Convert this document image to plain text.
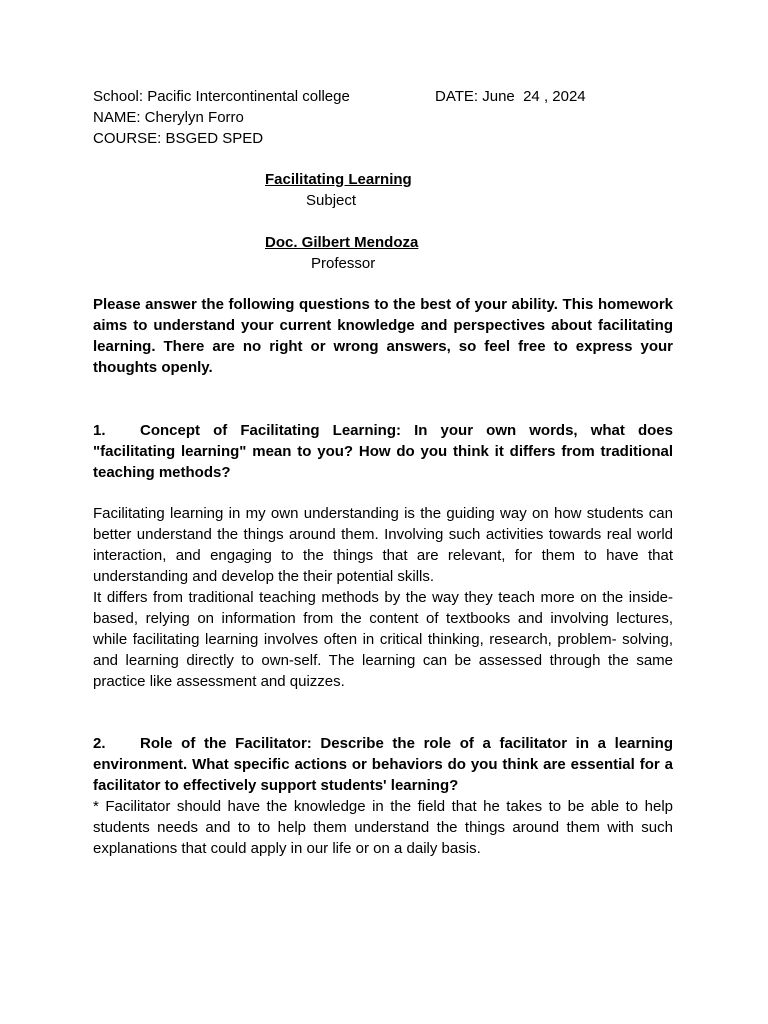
School: Pacific Intercontinental college	DATE: June  24 , 2024
NAME: Cherylyn Forro
COURSE: BSGED SPED
Facilitating Learning
Subject
Doc. Gilbert Mendoza
Professor

Please answer the following questions to the best of your ability. This homework aims to understand your current knowledge and perspectives about facilitating learning. There are no right or wrong answers, so feel free to express your thoughts openly.

1. Concept of Facilitating Learning: In your own words, what does "facilitating learning" mean to you? How do you think it differs from traditional teaching methods?

Facilitating learning in my own understanding is the guiding way on how students can better understand the things around them. Involving such activities towards real world interaction, and engaging to the things that are relevant, for them to have that understanding and develop the their potential skills.

It differs from traditional teaching methods by the way they teach more on the inside- based, relying on information from the content of textbooks and involving lectures, while facilitating learning involves often in critical thinking, research, problem- solving, and learning directly to own-self. The learning can be assessed through the same practice like assessment and quizzes.

2. Role of the Facilitator: Describe the role of a facilitator in a learning environment. What specific actions or behaviors do you think are essential for a facilitator to effectively support students' learning?

* Facilitator should have the knowledge in the field that he takes to be able to help students needs and to to help them understand the things around them with such explanations that could apply in our life or on a daily basis.
